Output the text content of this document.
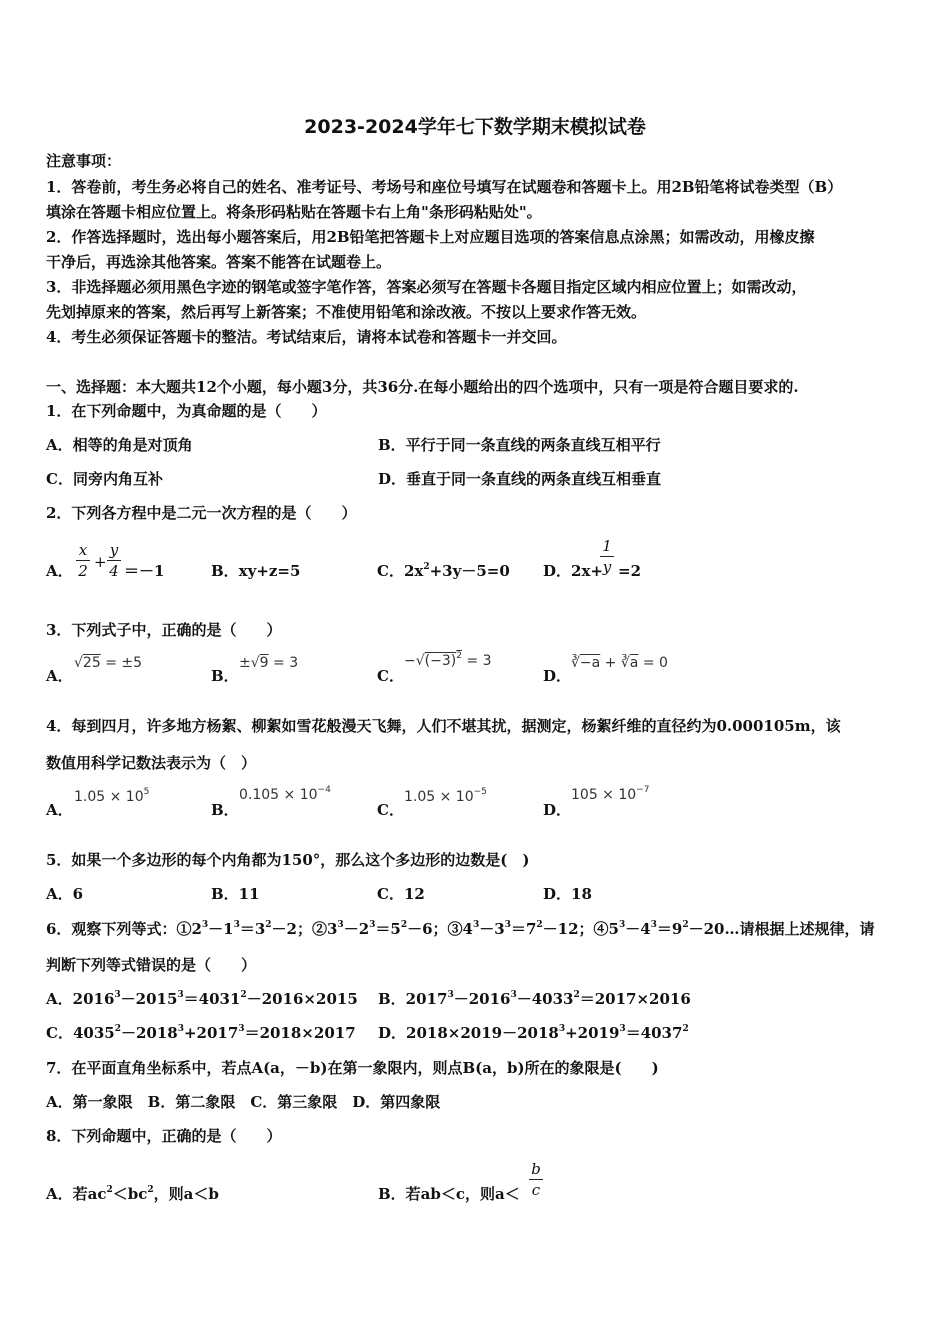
2023-2024学年七下数学期末模拟试卷
注意事项：
1．答卷前，考生务必将自己的姓名、准考证号、考场号和座位号填写在试题卷和答题卡上。用2B铅笔将试卷类型（B）
填涂在答题卡相应位置上。将条形码粘贴在答题卡右上角"条形码粘贴处"。
2．作答选择题时，选出每小题答案后，用2B铅笔把答题卡上对应题目选项的答案信息点涂黑；如需改动，用橡皮擦
干净后，再选涂其他答案。答案不能答在试题卷上。
3．非选择题必须用黑色字迹的钢笔或签字笔作答，答案必须写在答题卡各题目指定区域内相应位置上；如需改动，
先划掉原来的答案，然后再写上新答案；不准使用铅笔和涂改液。不按以上要求作答无效。
4．考生必须保证答题卡的整洁。考试结束后，请将本试卷和答题卡一并交回。
一、选择题：本大题共12个小题，每小题3分，共36分.在每小题给出的四个选项中，只有一项是符合题目要求的.
1．在下列命题中，为真命题的是（　　）
A．相等的角是对顶角	B．平行于同一条直线的两条直线互相平行
C．同旁内角互补	D．垂直于同一条直线的两条直线互相垂直
2．下列各方程中是二元一次方程的是（　　）
A．
x
2 +
y
4 ＝－1	B．xy+z=5	C．$2x^2+3y-5=0$ D．2x+
1
y =2
3．下列式子中，正确的是（　　）
A．
√25 = ±5
B．
±√9 = 3
C．
$-√(-3)^2 = 3$
D．
∛−a + $∛\overline{a} = 0$
4．每到四月，许多地方杨絮、柳絮如雪花般漫天飞舞，人们不堪其扰，据测定，杨絮纤维的直径约为0.000105m，该
数值用科学记数法表示为（　）
A．
$1.05 \times 10^5$
B．
$0.105 \times 10^{-4}$
C．
$1.05 \times 10^{-5}$
D．
$105 \times 10^{-7}$
5．如果一个多边形的每个内角都为150°，那么这个多边形的边数是(　)
A．6	B．11	C．12	D．18
6．观察下列等式：$①2^3-1^3=3^2-2$；$②3^3-2^3=5^2-6$；$③4^3-3^3=7^2-12$；$④5^3-4^3=9^2-20\dots$请根据上述规律，请
判断下列等式错误的是（　　）
A．$2016^3-2015^3=4031^2-2016\times 2015$ B．$2017^3-2016^3-4033^2=2017\times 2016$
C．$4035^2-2018^3+2017^3=2018\times 2017$ D．$2018\times 2019-2018^3+2019^3=4037^2$
7．在平面直角坐标系中，若点A(a，－b)在第一象限内，则点B(a，b)所在的象限是(　　)
A．第一象限　B．第二象限　C．第三象限　D．第四象限
8．下列命题中，正确的是（　　）
A．若$ac^2<bc^2$，则a＜b	B．若ab＜c，则a＜
b
c
